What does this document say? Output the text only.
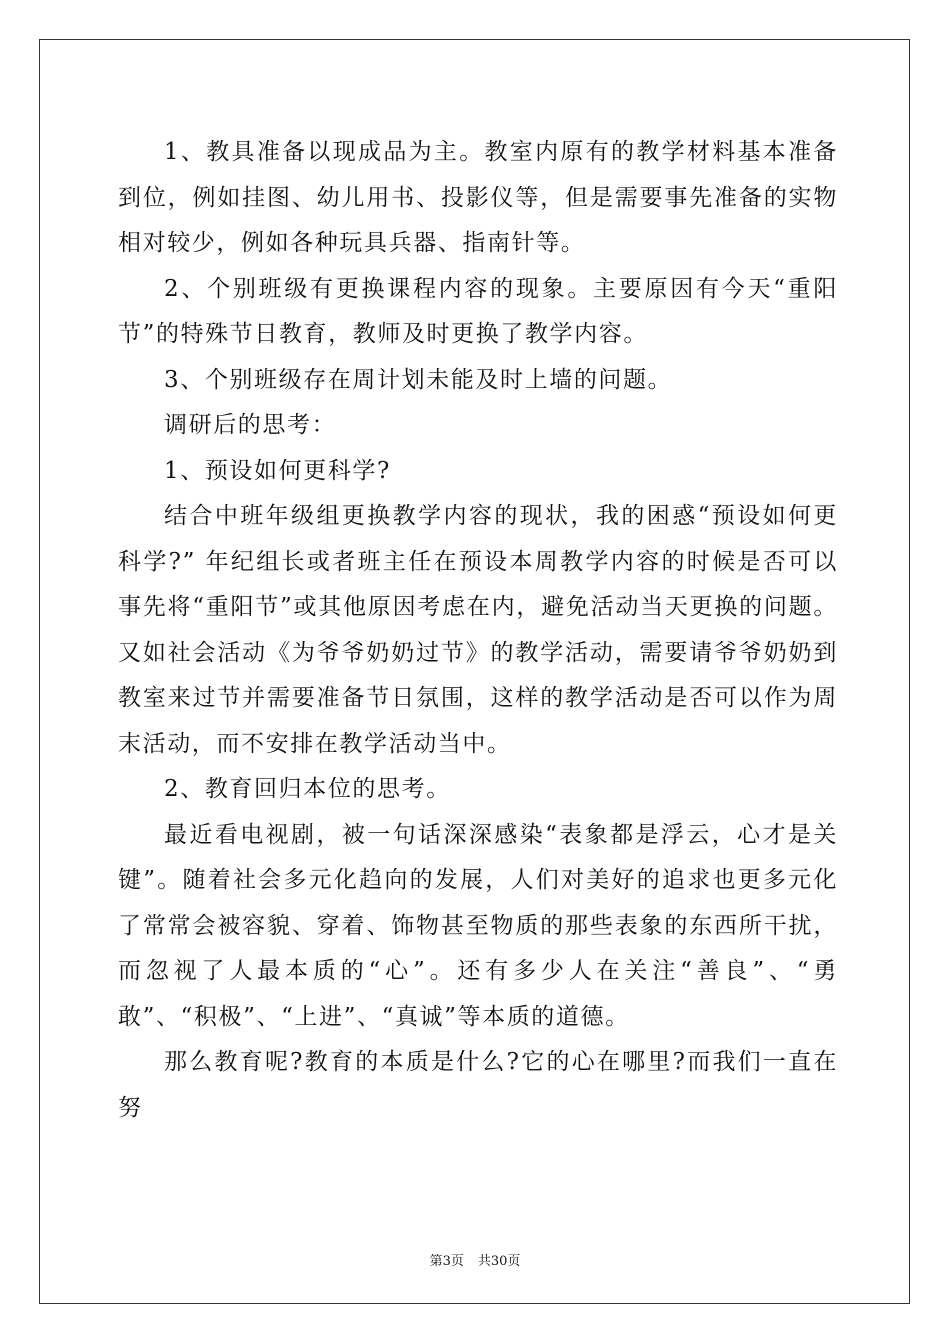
1、教具准备以现成品为主。教室内原有的教学材料基本准备到位，例如挂图、幼儿用书、投影仪等，但是需要事先准备的实物相对较少，例如各种玩具兵器、指南针等。

2、个别班级有更换课程内容的现象。主要原因有今天“重阳节”的特殊节日教育，教师及时更换了教学内容。

3、个别班级存在周计划未能及时上墙的问题。

调研后的思考：

1、预设如何更科学?

结合中班年级组更换教学内容的现状，我的困惑“预设如何更科学?” 年纪组长或者班主任在预设本周教学内容的时候是否可以事先将“重阳节”或其他原因考虑在内，避免活动当天更换的问题。又如社会活动《为爷爷奶奶过节》的教学活动，需要请爷爷奶奶到教室来过节并需要准备节日氛围，这样的教学活动是否可以作为周末活动，而不安排在教学活动当中。

2、教育回归本位的思考。

最近看电视剧，被一句话深深感染“表象都是浮云，心才是关键”。随着社会多元化趋向的发展，人们对美好的追求也更多元化了常常会被容貌、穿着、饰物甚至物质的那些表象的东西所干扰，而忽视了人最本质的“心”。还有多少人在关注“善良”、“勇敢”、“积极”、“上进”、“真诚”等本质的道德。

那么教育呢?教育的本质是什么?它的心在哪里?而我们一直在努

第3页 共30页
